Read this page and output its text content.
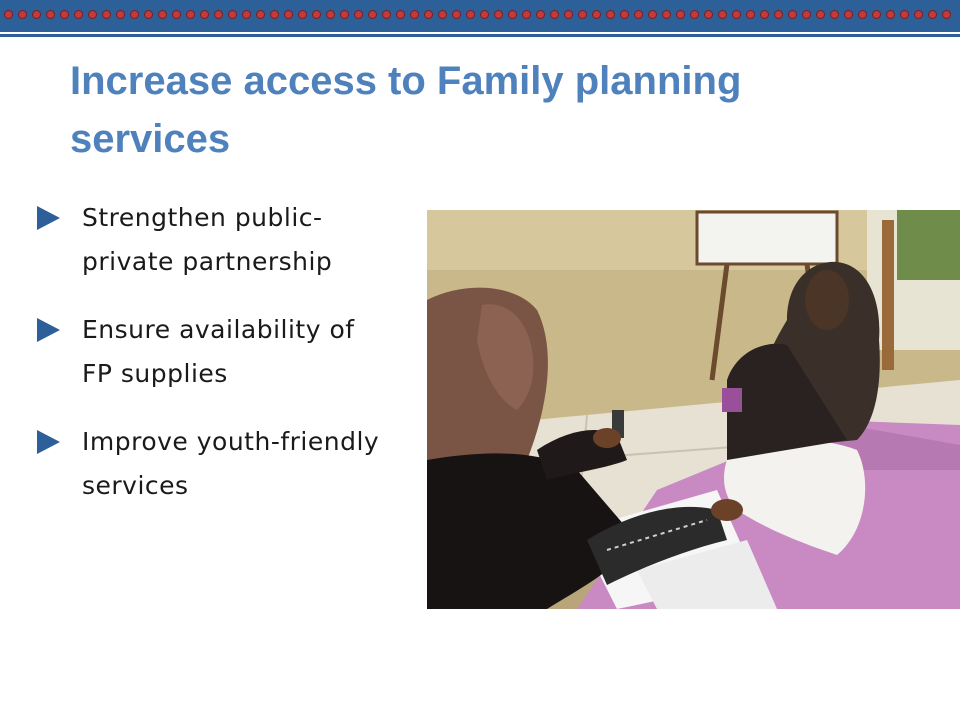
Increase access to Family planning services
Strengthen public-private partnership
Ensure availability of FP supplies
Improve youth-friendly services
